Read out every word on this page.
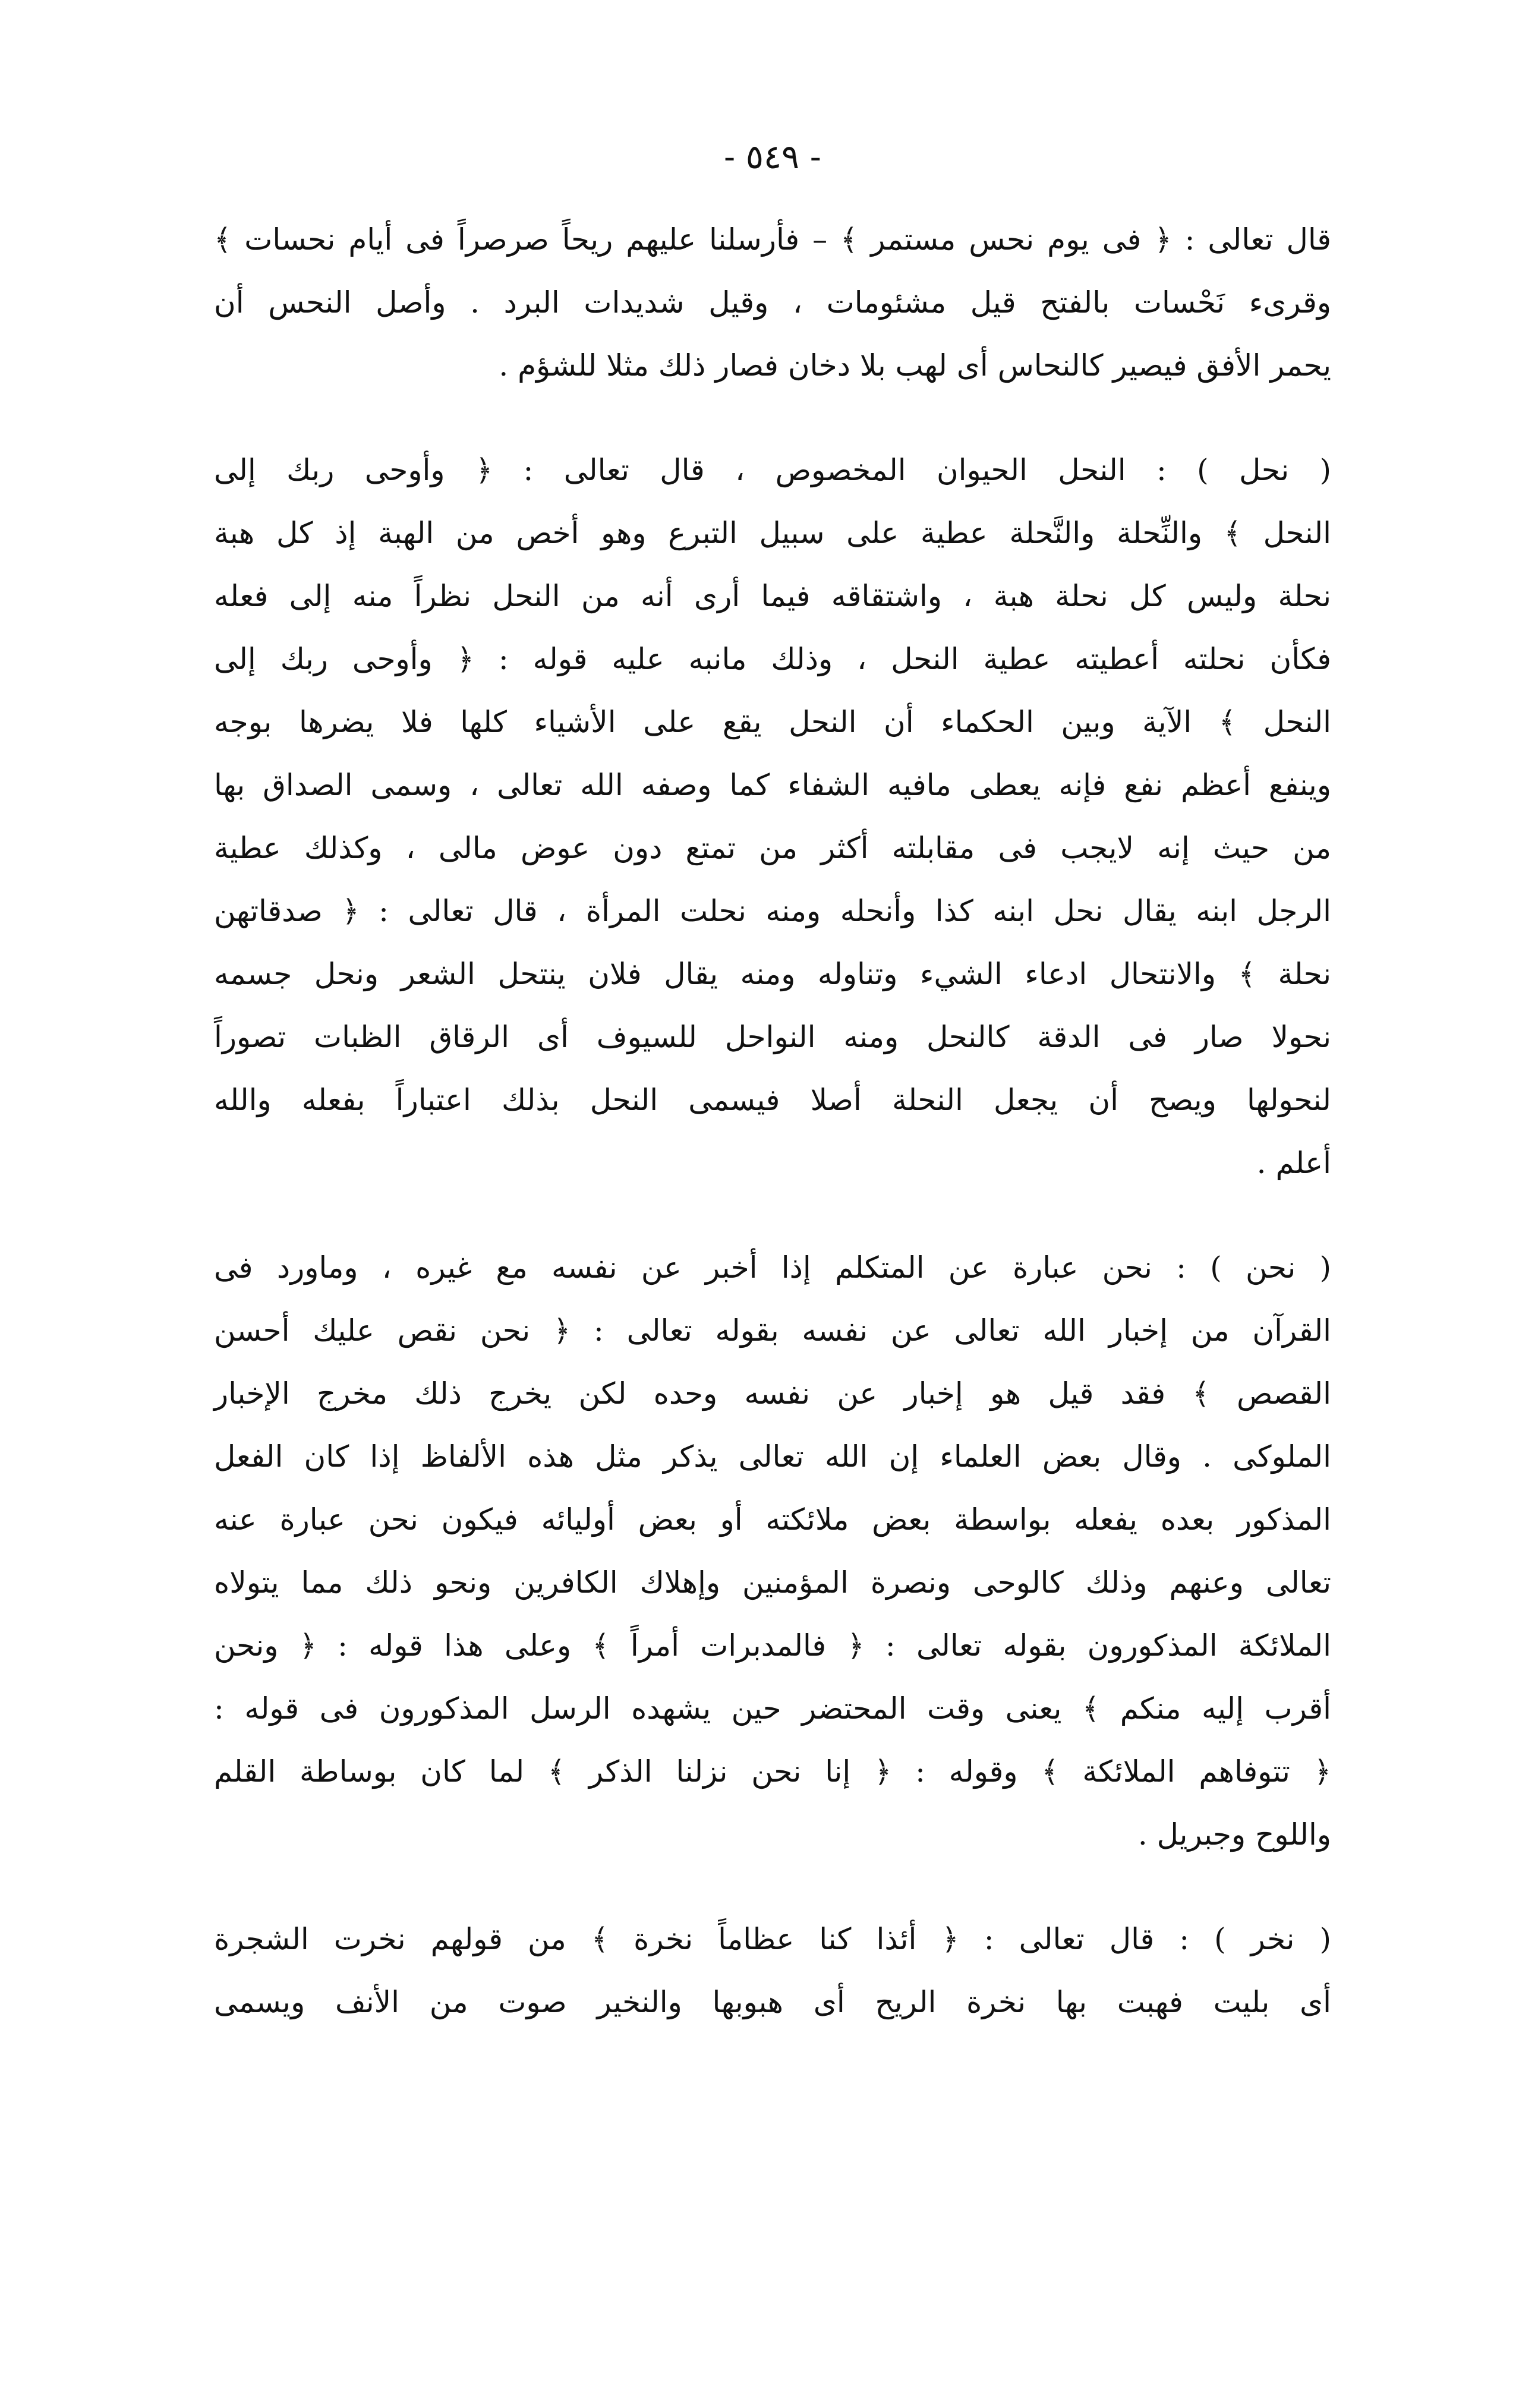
- ٥٤٩ -

قال تعالى : ﴿ فى يوم نحس مستمر ﴾ – فأرسلنا عليهم ريحاً صرصراً فى أيام نحسات ﴾
وقرىء نَحْسات بالفتح قيل مشئومات ، وقيل شديدات البرد . وأصل النحس أن
يحمر الأفق فيصير كالنحاس أى لهب بلا دخان فصار ذلك مثلا للشؤم .

( نحل ) : النحل الحيوان المخصوص ، قال تعالى : ﴿ وأوحى ربك إلى
النحل ﴾ والنِّحلة والنَّحلة عطية على سبيل التبرع وهو أخص من الهبة إذ كل هبة
نحلة وليس كل نحلة هبة ، واشتقاقه فيما أرى أنه من النحل نظراً منه إلى فعله
فكأن نحلته أعطيته عطية النحل ، وذلك مانبه عليه قوله : ﴿ وأوحى ربك إلى
النحل ﴾ الآية وبين الحكماء أن النحل يقع على الأشياء كلها فلا يضرها بوجه
وينفع أعظم نفع فإنه يعطى مافيه الشفاء كما وصفه الله تعالى ، وسمى الصداق بها
من حيث إنه لايجب فى مقابلته أكثر من تمتع دون عوض مالى ، وكذلك عطية
الرجل ابنه يقال نحل ابنه كذا وأنحله ومنه نحلت المرأة ، قال تعالى : ﴿ صدقاتهن
نحلة ﴾ والانتحال ادعاء الشيء وتناوله ومنه يقال فلان ينتحل الشعر ونحل جسمه
نحولا صار فى الدقة كالنحل ومنه النواحل للسيوف أى الرقاق الظبات تصوراً
لنحولها ويصح أن يجعل النحلة أصلا فيسمى النحل بذلك اعتباراً بفعله والله
أعلم .

( نحن ) : نحن عبارة عن المتكلم إذا أخبر عن نفسه مع غيره ، وماورد فى
القرآن من إخبار الله تعالى عن نفسه بقوله تعالى : ﴿ نحن نقص عليك أحسن
القصص ﴾ فقد قيل هو إخبار عن نفسه وحده لكن يخرج ذلك مخرج الإخبار
الملوكى . وقال بعض العلماء إن الله تعالى يذكر مثل هذه الألفاظ إذا كان الفعل
المذكور بعده يفعله بواسطة بعض ملائكته أو بعض أوليائه فيكون نحن عبارة عنه
تعالى وعنهم وذلك كالوحى ونصرة المؤمنين وإهلاك الكافرين ونحو ذلك مما يتولاه
الملائكة المذكورون بقوله تعالى : ﴿ فالمدبرات أمراً ﴾ وعلى هذا قوله : ﴿ ونحن
أقرب إليه منكم ﴾ يعنى وقت المحتضر حين يشهده الرسل المذكورون فى قوله :
﴿ تتوفاهم الملائكة ﴾ وقوله : ﴿ إنا نحن نزلنا الذكر ﴾ لما كان بوساطة القلم
واللوح وجبريل .

( نخر ) : قال تعالى : ﴿ أئذا كنا عظاماً نخرة ﴾ من قولهم نخرت الشجرة
أى بليت فهبت بها نخرة الريح أى هبوبها والنخير صوت من الأنف ويسمى
